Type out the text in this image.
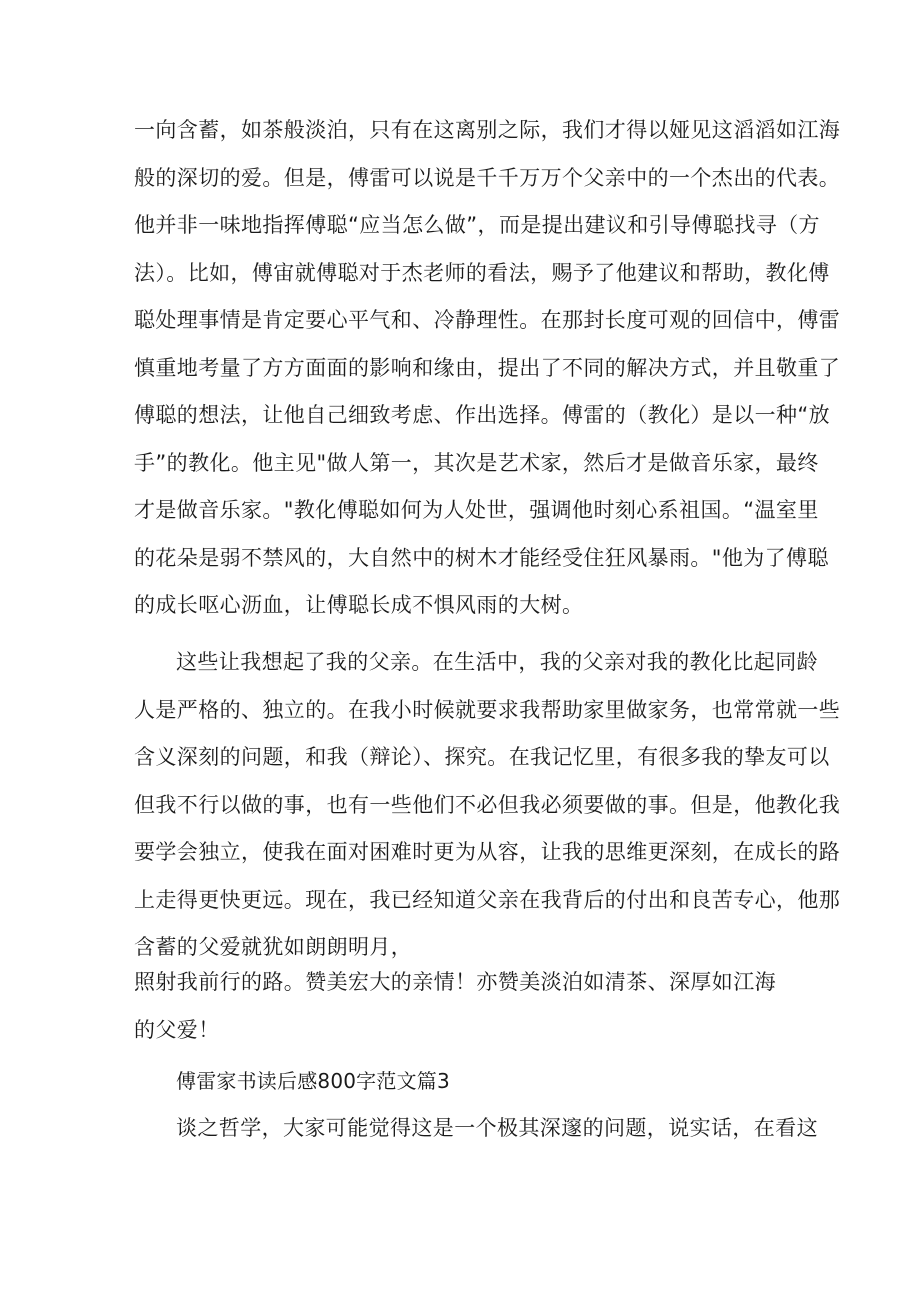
一向含蓄，如茶般淡泊，只有在这离别之际，我们才得以娅见这滔滔如江海
般的深切的爱。但是，傅雷可以说是千千万万个父亲中的一个杰出的代表。
他并非一味地指挥傅聪“应当怎么做”，而是提出建议和引导傅聪找寻（方
法）。比如，傅宙就傅聪对于杰老师的看法，赐予了他建议和帮助，教化傅
聪处理事情是肯定要心平气和、冷静理性。在那封长度可观的回信中，傅雷
慎重地考量了方方面面的影响和缘由，提出了不同的解决方式，并且敬重了
傅聪的想法，让他自己细致考虑、作出选择。傅雷的（教化）是以一种“放
手”的教化。他主见"做人第一，其次是艺术家，然后才是做音乐家，最终
才是做音乐家。"教化傅聪如何为人处世，强调他时刻心系祖国。“温室里
的花朵是弱不禁风的，大自然中的树木才能经受住狂风暴雨。"他为了傅聪
的成长呕心沥血，让傅聪长成不惧风雨的大树。
这些让我想起了我的父亲。在生活中，我的父亲对我的教化比起同龄
人是严格的、独立的。在我小时候就要求我帮助家里做家务，也常常就一些
含义深刻的问题，和我（辩论）、探究。在我记忆里，有很多我的挚友可以
但我不行以做的事，也有一些他们不必但我必须要做的事。但是，他教化我
要学会独立，使我在面对困难时更为从容，让我的思维更深刻，在成长的路
上走得更快更远。现在，我已经知道父亲在我背后的付出和良苦专心，他那
含蓄的父爱就犹如朗朗明月，
照射我前行的路。赞美宏大的亲情！亦赞美淡泊如清茶、深厚如江海
的父爱！
傅雷家书读后感800字范文篇3
谈之哲学，大家可能觉得这是一个极其深邃的问题，说实话，在看这
